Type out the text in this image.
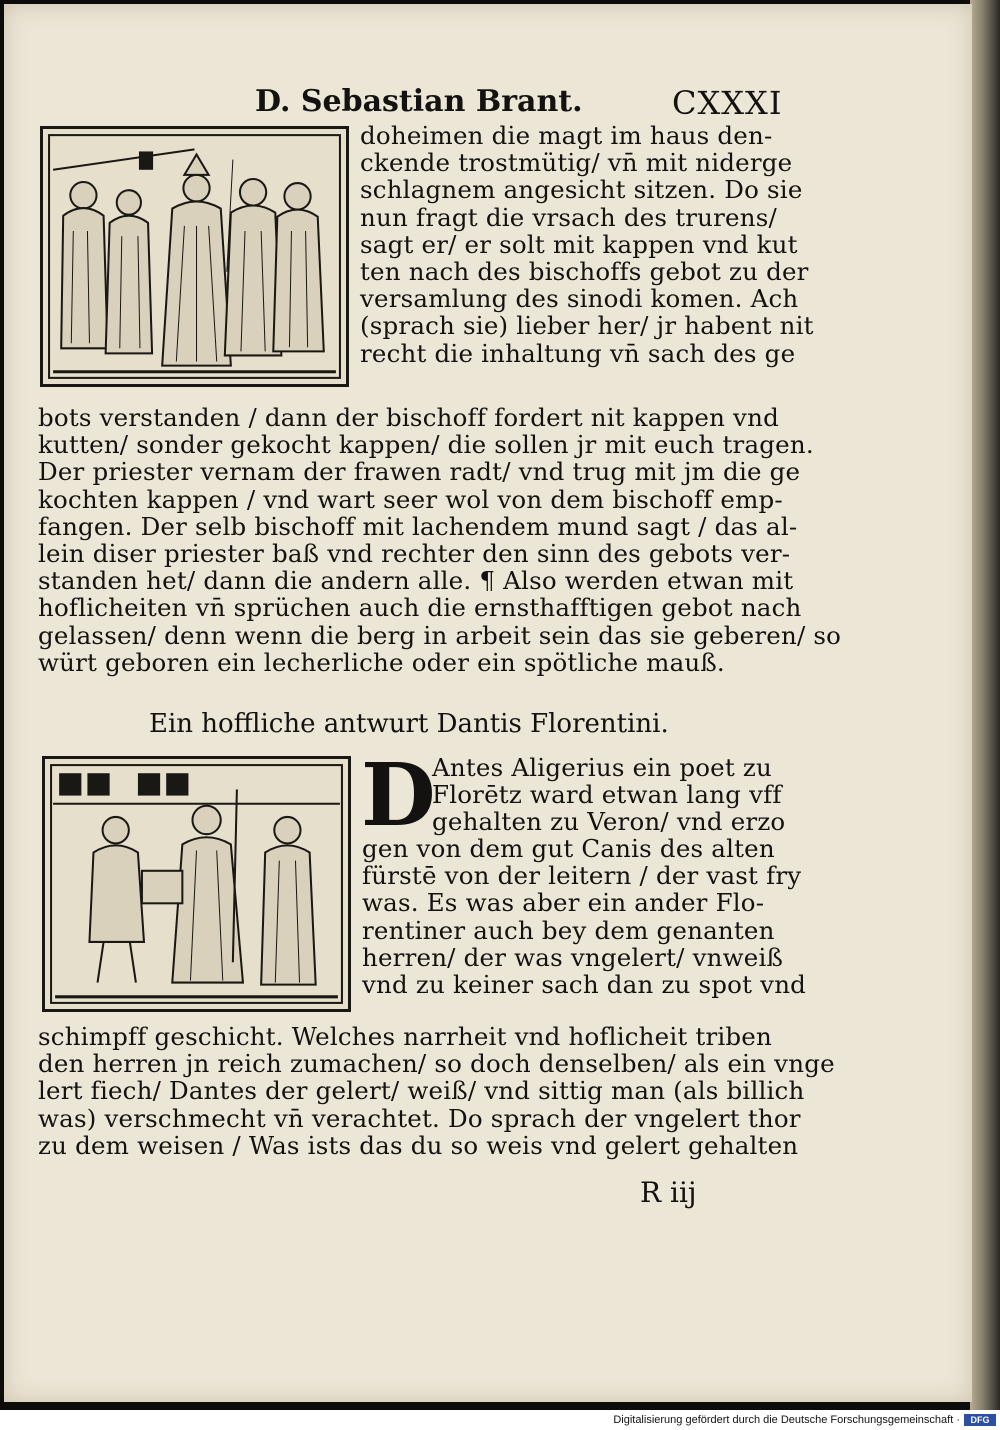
D. Sebastian Brant.	CXXXI
doheimen die magt im haus den-
ckende trostmütig/ vn̄ mit niderge
schlagnem angesicht sitzen. Do sie
nun fragt die vrsach des trurens/
sagt er/ er solt mit kappen vnd kut
ten nach des bischoffs gebot zu der
versamlung des sinodi komen. Ach
(sprach sie) lieber her/ jr habent nit
recht die inhaltung vn̄ sach des ge
bots verstanden / dann der bischoff fordert nit kappen vnd
kutten/ sonder gekocht kappen/ die sollen jr mit euch tragen.
Der priester vernam der frawen radt/ vnd trug mit jm die ge
kochten kappen / vnd wart seer wol von dem bischoff emp-
fangen. Der selb bischoff mit lachendem mund sagt / das al-
lein diser priester baß vnd rechter den sinn des gebots ver-
standen het/ dann die andern alle. ¶ Also werden etwan mit
hoflicheiten vn̄ sprüchen auch die ernsthafftigen gebot nach
gelassen/ denn wenn die berg in arbeit sein das sie geberen/ so
würt geboren ein lecherliche oder ein spötliche mauß.
Ein hoffliche antwurt Dantis Florentini.
D
Antes Aligerius ein poet zu
Florētz ward etwan lang vff
gehalten zu Veron/ vnd erzo
gen von dem gut Canis des alten
fürstē von der leitern / der vast fry
was. Es was aber ein ander Flo-
rentiner auch bey dem genanten
herren/ der was vngelert/ vnweiß
vnd zu keiner sach dan zu spot vnd
schimpff geschicht. Welches narrheit vnd hoflicheit triben
den herren jn reich zumachen/ so doch denselben/ als ein vnge
lert fiech/ Dantes der gelert/ weiß/ vnd sittig man (als billich
was) verschmecht vn̄ verachtet. Do sprach der vngelert thor
zu dem weisen / Was ists das du so weis vnd gelert gehalten
R iij
Digitalisierung gefördert durch die Deutsche Forschungsgemeinschaft ·	DFG
